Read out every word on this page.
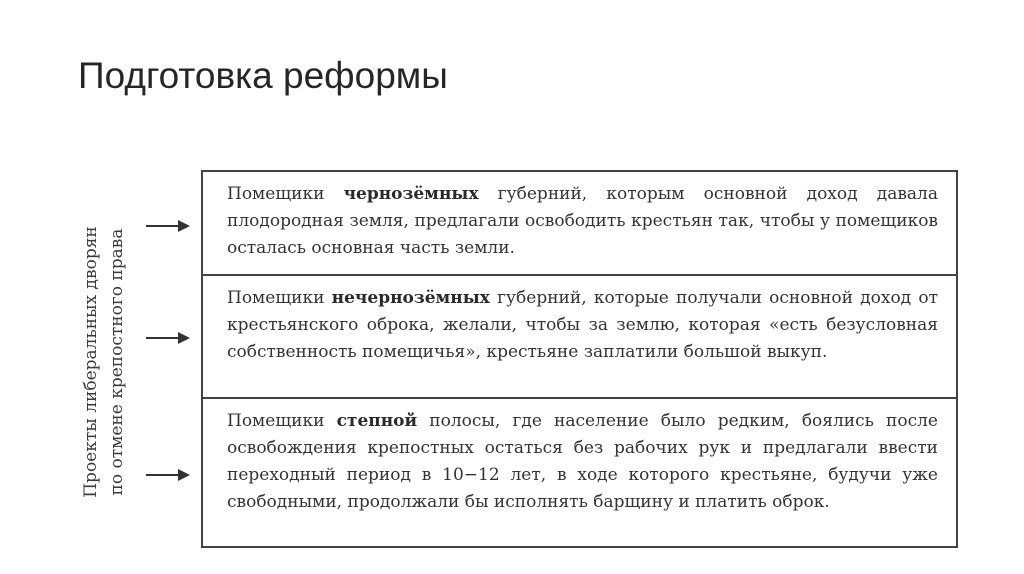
Подготовка реформы
Проекты либеральных дворян по отмене крепостного права
Помещики чернозёмных губерний, которым основной доход давала плодородная земля, предлагали освободить крестьян так, чтобы у помещиков осталась основная часть земли.
Помещики нечернозёмных губерний, которые получали основной доход от крестьянского оброка, желали, чтобы за землю, которая «есть безусловная собственность помещичья», крестьяне заплатили большой выкуп.
Помещики степной полосы, где население было редким, боялись после освобождения крепостных остаться без рабочих рук и предлагали ввести переходный период в 10−12 лет, в ходе которого крестьяне, будучи уже свободными, продолжали бы исполнять барщину и платить оброк.
